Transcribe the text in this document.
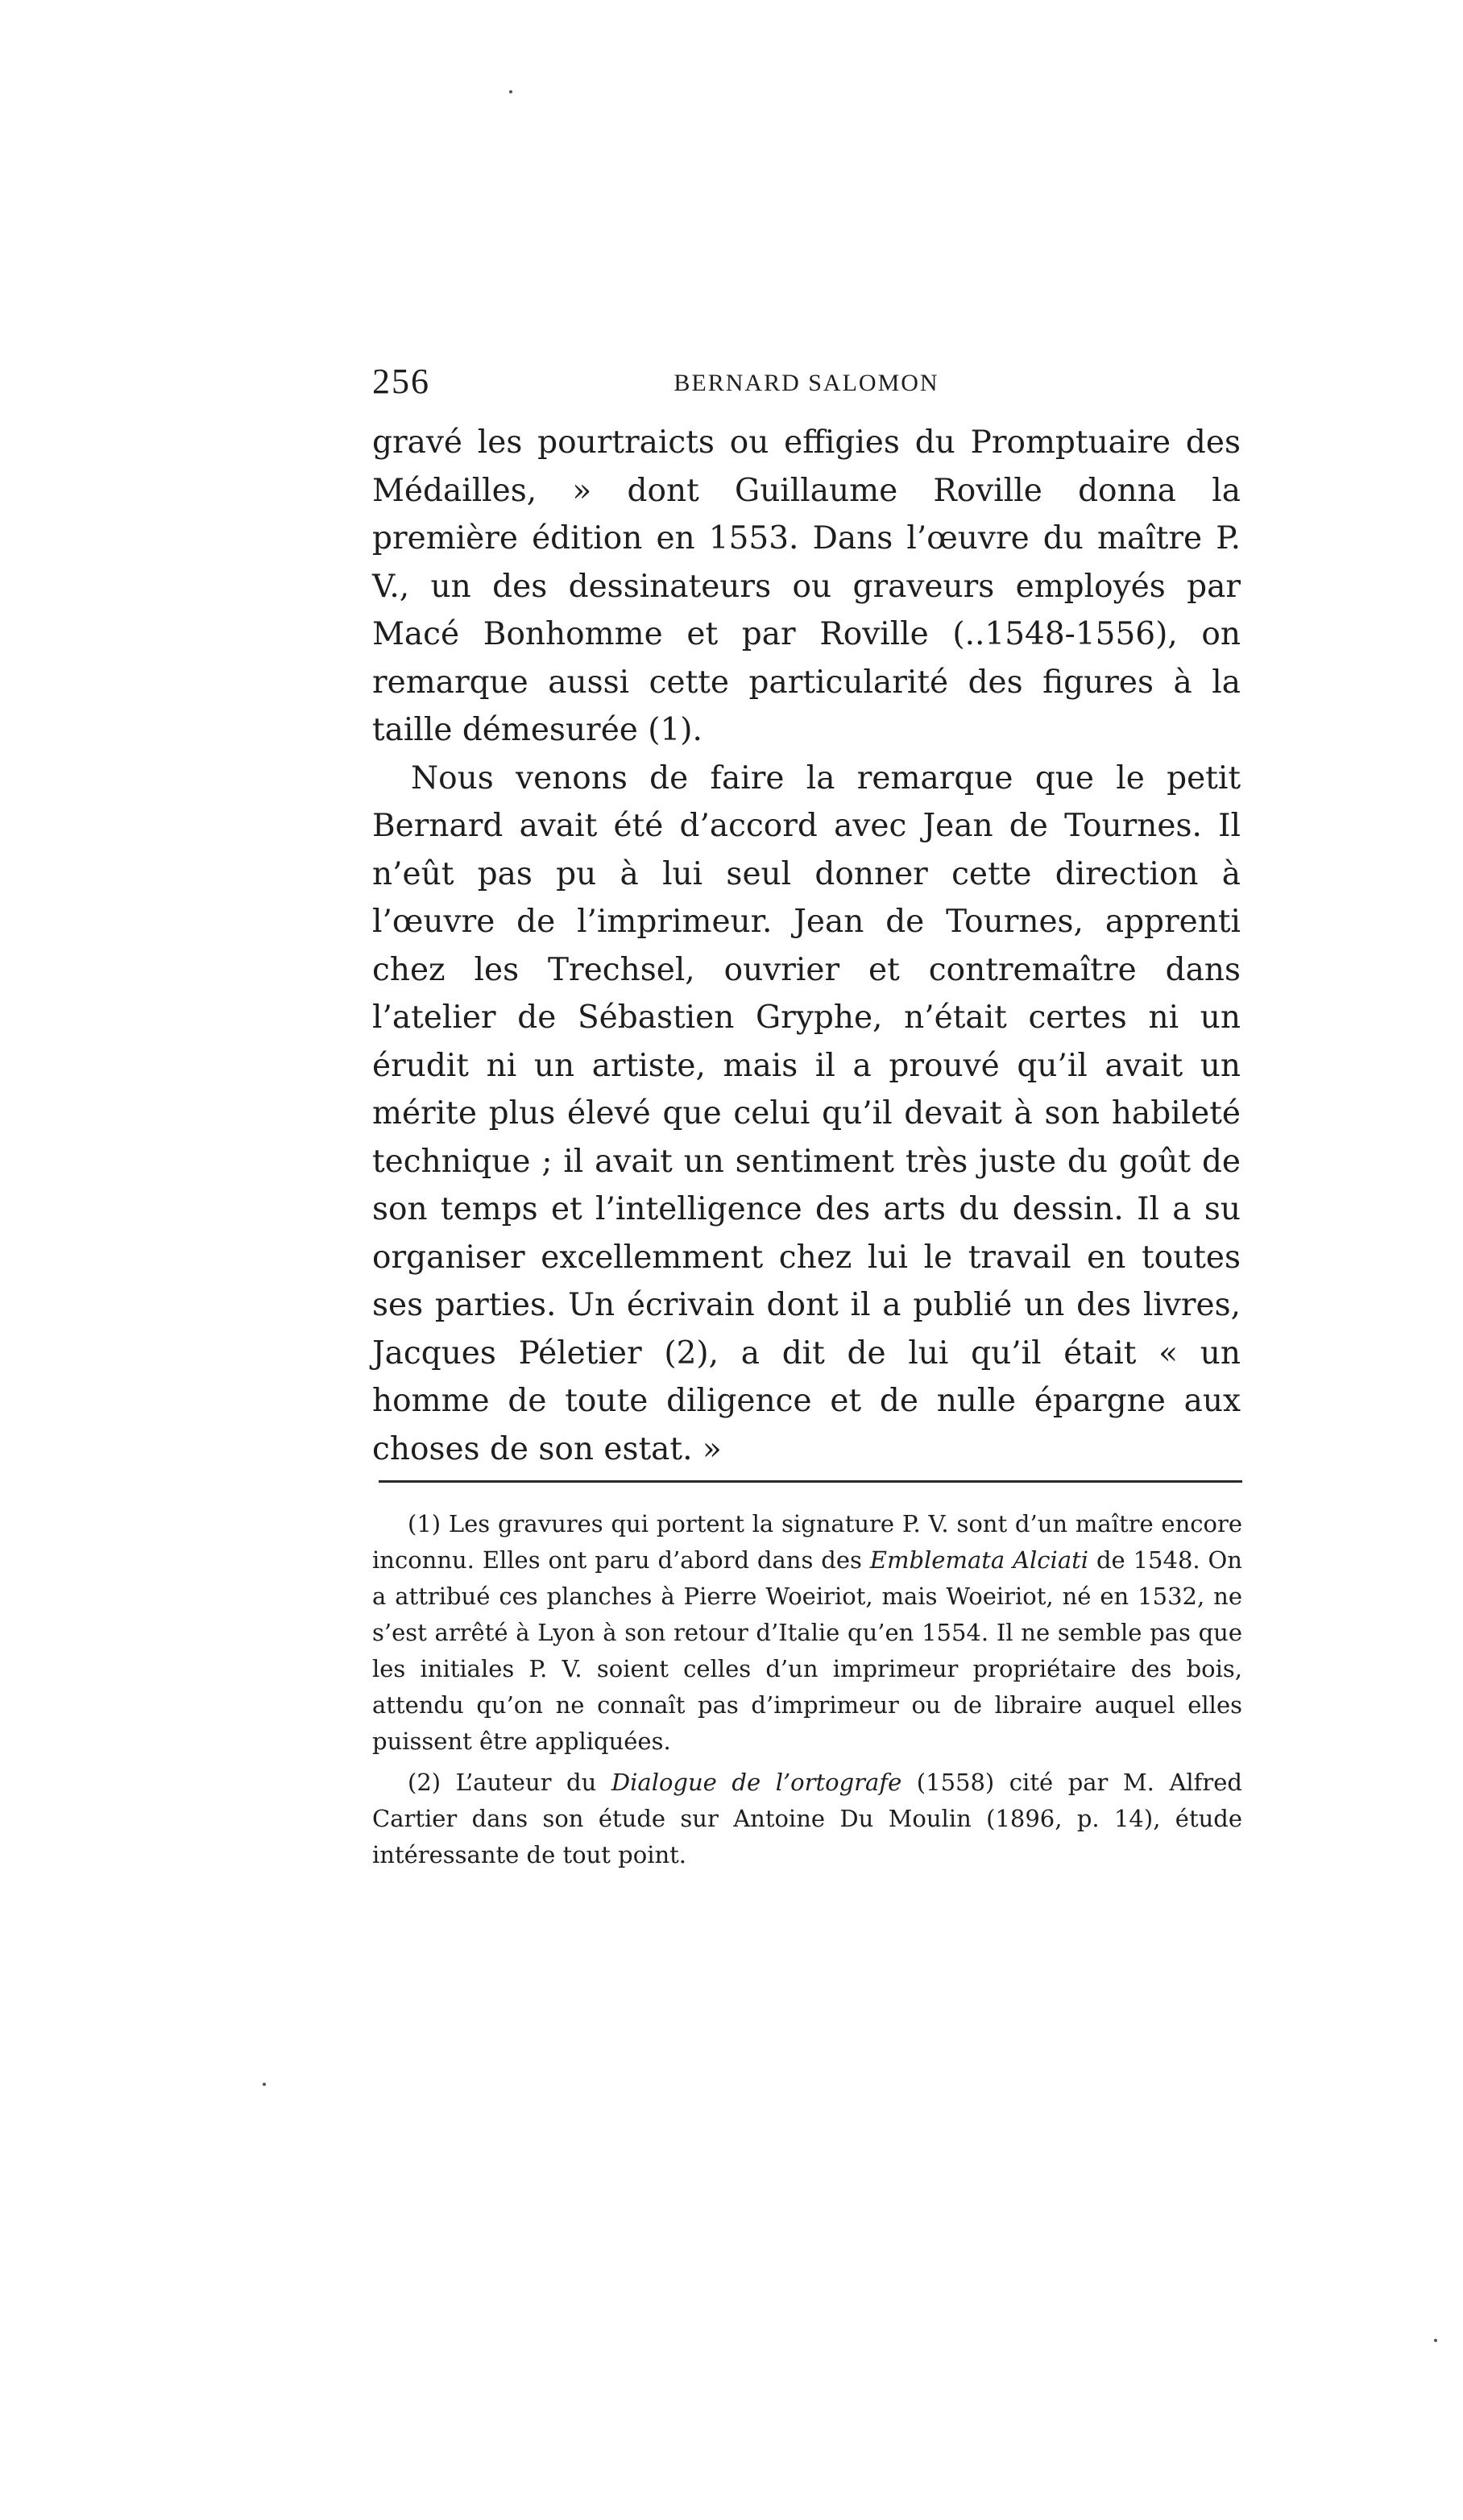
256	BERNARD SALOMON

gravé les pourtraicts ou effigies du Promptuaire des Médailles, » dont Guillaume Roville donna la première édition en 1553. Dans l’œuvre du maître P. V., un des dessinateurs ou graveurs employés par Macé Bonhomme et par Roville (..1548-1556), on remarque aussi cette particularité des figures à la taille démesurée (1).

Nous venons de faire la remarque que le petit Bernard avait été d’accord avec Jean de Tournes. Il n’eût pas pu à lui seul donner cette direction à l’œuvre de l’imprimeur. Jean de Tournes, apprenti chez les Trechsel, ouvrier et contremaître dans l’atelier de Sébastien Gryphe, n’était certes ni un érudit ni un artiste, mais il a prouvé qu’il avait un mérite plus élevé que celui qu’il devait à son habileté technique ; il avait un sentiment très juste du goût de son temps et l’intelligence des arts du dessin. Il a su organiser excellemment chez lui le travail en toutes ses parties. Un écrivain dont il a publié un des livres, Jacques Péletier (2), a dit de lui qu’il était « un homme de toute diligence et de nulle épargne aux choses de son estat. »

(1) Les gravures qui portent la signature P. V. sont d’un maître encore inconnu. Elles ont paru d’abord dans des Emblemata Alciati de 1548. On a attribué ces planches à Pierre Woeiriot, mais Woeiriot, né en 1532, ne s’est arrêté à Lyon à son retour d’Italie qu’en 1554. Il ne semble pas que les initiales P. V. soient celles d’un imprimeur propriétaire des bois, attendu qu’on ne connaît pas d’imprimeur ou de libraire auquel elles puissent être appliquées.

(2) L’auteur du Dialogue de l’ortografe (1558) cité par M. Alfred Cartier dans son étude sur Antoine Du Moulin (1896, p. 14), étude intéressante de tout point.
